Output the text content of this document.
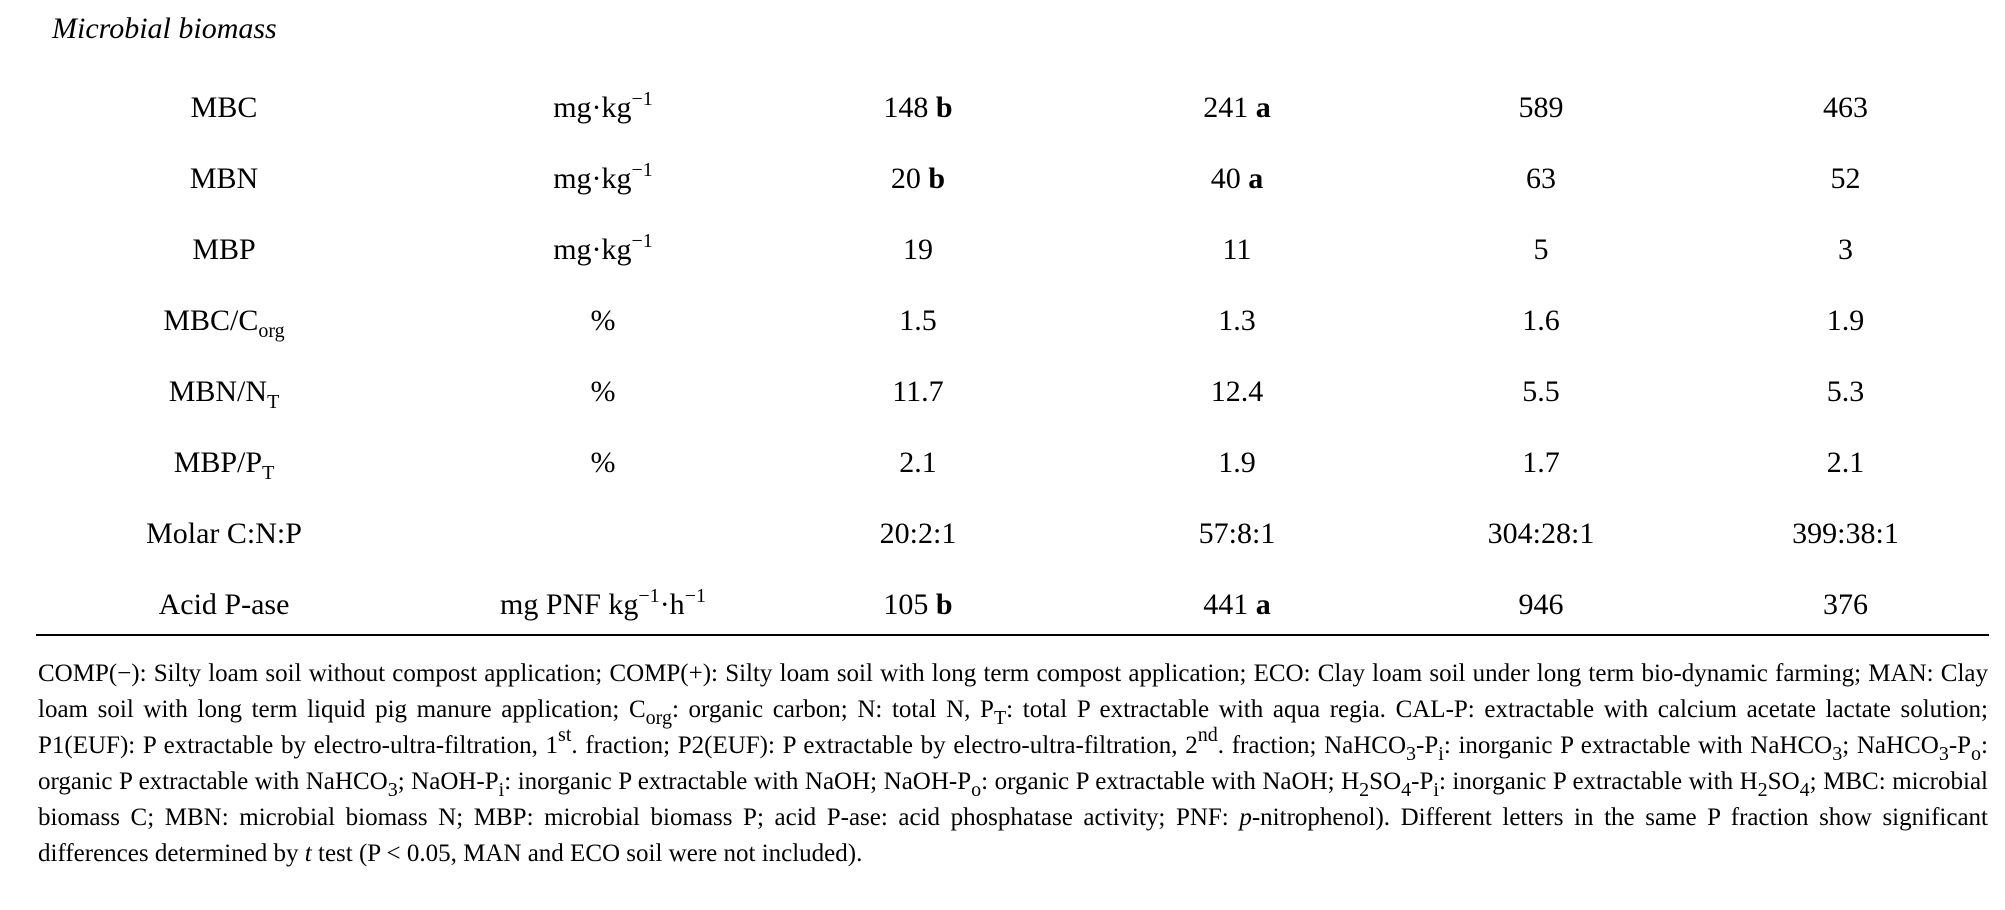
Microbial biomass
MBC	$mg\cdot kg^{-1}$	148 b	241 a	589	463
MBN	$mg\cdot kg^{-1}$	20 b	40 a	63	52
MBP	$mg\cdot kg^{-1}$	19	11	5	3
MBC/$C_{org}$	%	1.5	1.3	1.6	1.9
MBN/$N_T$	%	11.7	12.4	5.5	5.3
MBP/$P_T$	%	2.1	1.9	1.7	2.1
Molar C:N:P		20:2:1	57:8:1	304:28:1	399:38:1
Acid P-ase	mg PNF $kg^{-1}\cdot h^{-1}$	105 b	441 a	946	376

COMP(−): Silty loam soil without compost application; COMP(+): Silty loam soil with long term compost application; ECO: Clay loam soil under long term bio-dynamic farming; MAN: Clay loam soil with long term liquid pig manure application; $C_{org}$: organic carbon; N: total N, $P_T$: total P extractable with aqua regia. CAL-P: extractable with calcium acetate lactate solution; P1(EUF): P extractable by electro-ultra-filtration, 1st. fraction; P2(EUF): P extractable by electro-ultra-filtration, 2nd. fraction; $NaHCO_3-P_i$: inorganic P extractable with NaHCO$_3$; $NaHCO_3-P_o$: organic P extractable with NaHCO$_3$; NaOH-$P_i$: inorganic P extractable with NaOH; NaOH-$P_o$: organic P extractable with NaOH; $H_2SO_4-P_i$: inorganic P extractable with $H_2SO_4$; MBC: microbial biomass C; MBN: microbial biomass N; MBP: microbial biomass P; acid P-ase: acid phosphatase activity; PNF: p-nitrophenol). Different letters in the same P fraction show significant differences determined by t test (P < 0.05, MAN and ECO soil were not included).
